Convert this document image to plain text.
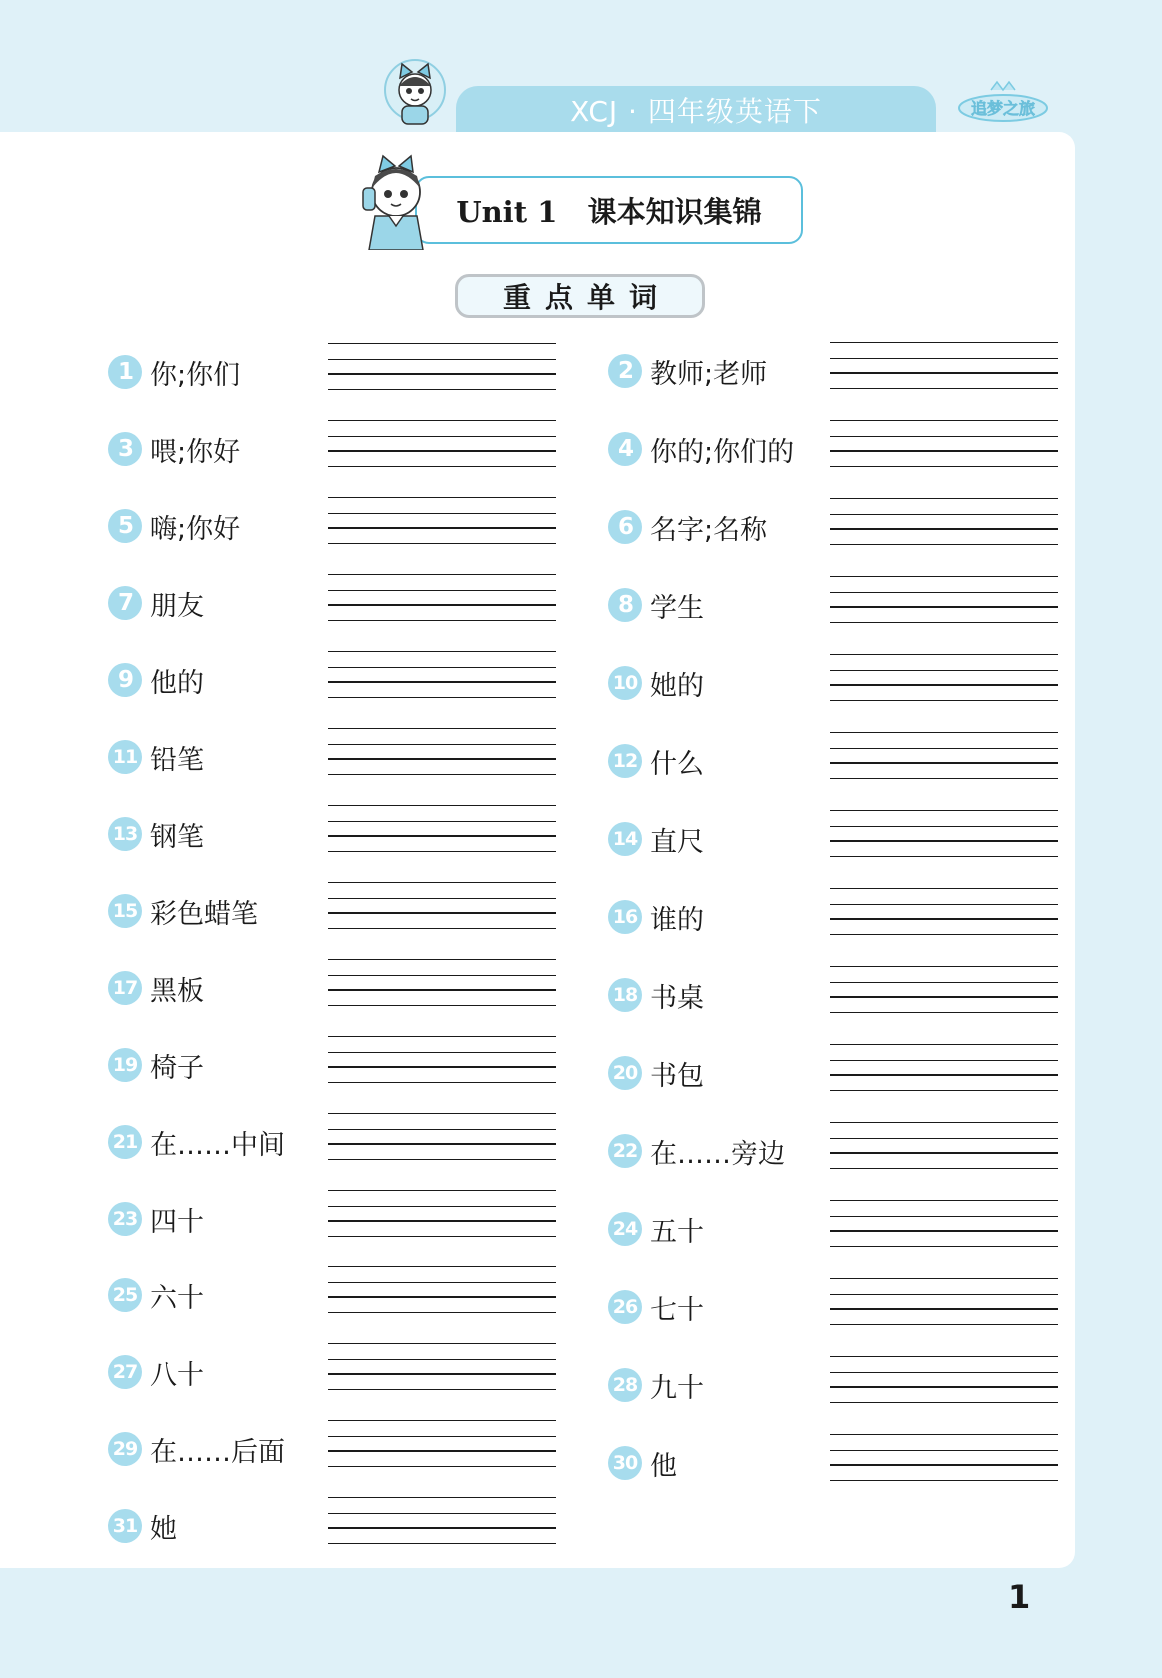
XCJ · 四年级英语下	追梦之旅
Unit 1   课本知识集锦
重点单词
1 你;你们	2 教师;老师
3 喂;你好	4 你的;你们的
5 嗨;你好	6 名字;名称
7 朋友	8 学生
9 他的	10 她的
11 铅笔	12 什么
13 钢笔	14 直尺
15 彩色蜡笔	16 谁的
17 黑板	18 书桌
19 椅子	20 书包
21 在……中间	22 在……旁边
23 四十	24 五十
25 六十	26 七十
27 八十	28 九十
29 在……后面	30 他
31 她
1
